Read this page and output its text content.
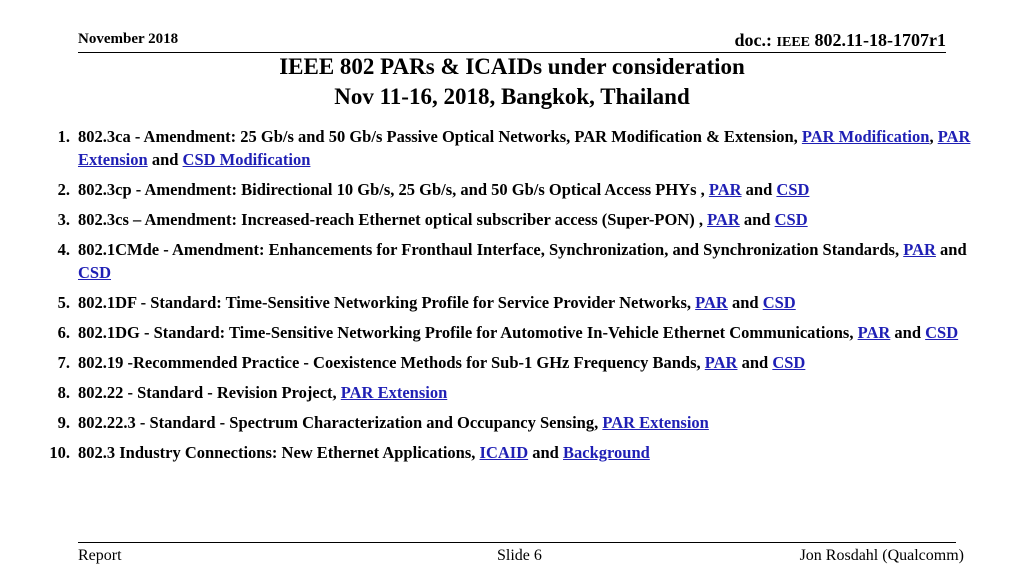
November 2018	doc.: IEEE 802.11-18-1707r1
IEEE 802 PARs & ICAIDs under consideration
Nov 11-16, 2018, Bangkok, Thailand
1. 802.3ca - Amendment: 25 Gb/s and 50 Gb/s Passive Optical Networks, PAR Modification & Extension, PAR Modification, PAR Extension and CSD Modification
2. 802.3cp - Amendment: Bidirectional 10 Gb/s, 25 Gb/s, and 50 Gb/s Optical Access PHYs , PAR and CSD
3. 802.3cs – Amendment: Increased-reach Ethernet optical subscriber access (Super-PON) , PAR and CSD
4. 802.1CMde - Amendment: Enhancements for Fronthaul Interface, Synchronization, and Synchronization Standards, PAR and CSD
5. 802.1DF - Standard: Time-Sensitive Networking Profile for Service Provider Networks, PAR and CSD
6. 802.1DG - Standard: Time-Sensitive Networking Profile for Automotive In-Vehicle Ethernet Communications, PAR and CSD
7. 802.19 -Recommended Practice - Coexistence Methods for Sub-1 GHz Frequency Bands, PAR and CSD
8. 802.22 - Standard - Revision Project, PAR Extension
9. 802.22.3 - Standard - Spectrum Characterization and Occupancy Sensing, PAR Extension
10. 802.3 Industry Connections: New Ethernet Applications, ICAID and Background
Report	Slide 6	Jon Rosdahl (Qualcomm)
